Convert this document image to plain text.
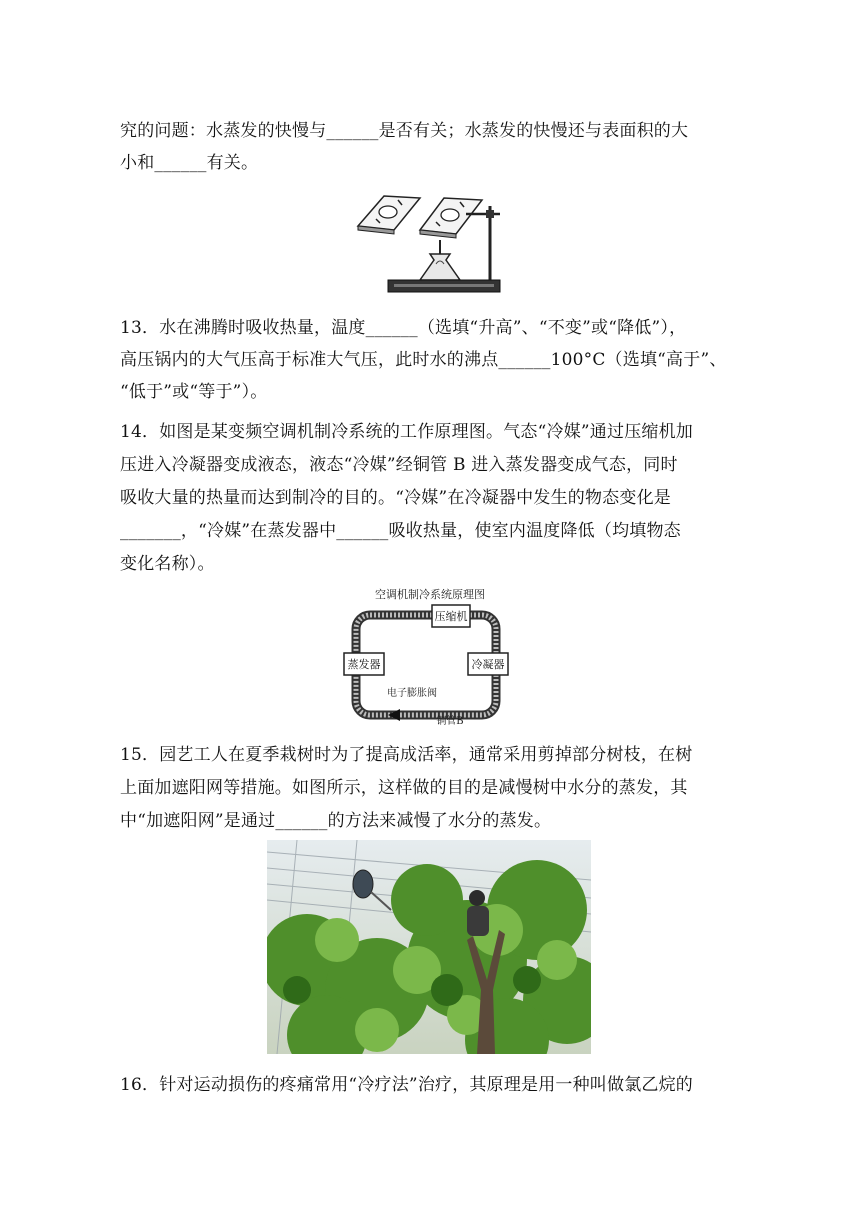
究的问题：水蒸发的快慢与______是否有关；水蒸发的快慢还与表面积的大
小和______有关。
13．水在沸腾时吸收热量，温度______（选填“升高”、“不变”或“降低”），
高压锅内的大气压高于标准大气压，此时水的沸点______100°C（选填“高于”、
“低于”或“等于”）。
14．如图是某变频空调机制冷系统的工作原理图。气态“冷媒”通过压缩机加
压进入冷凝器变成液态，液态“冷媒”经铜管 B 进入蒸发器变成气态，同时
吸收大量的热量而达到制冷的目的。“冷媒”在冷凝器中发生的物态变化是
_______，“冷媒”在蒸发器中______吸收热量，使室内温度降低（均填物态
变化名称）。
空调机制冷系统原理图
压缩机
蒸发器	冷凝器
电子膨胀阀
铜管B
15．园艺工人在夏季栽树时为了提高成活率，通常采用剪掉部分树枝，在树
上面加遮阳网等措施。如图所示，这样做的目的是减慢树中水分的蒸发，其
中“加遮阳网”是通过______的方法来减慢了水分的蒸发。
16．针对运动损伤的疼痛常用“冷疗法”治疗，其原理是用一种叫做氯乙烷的
